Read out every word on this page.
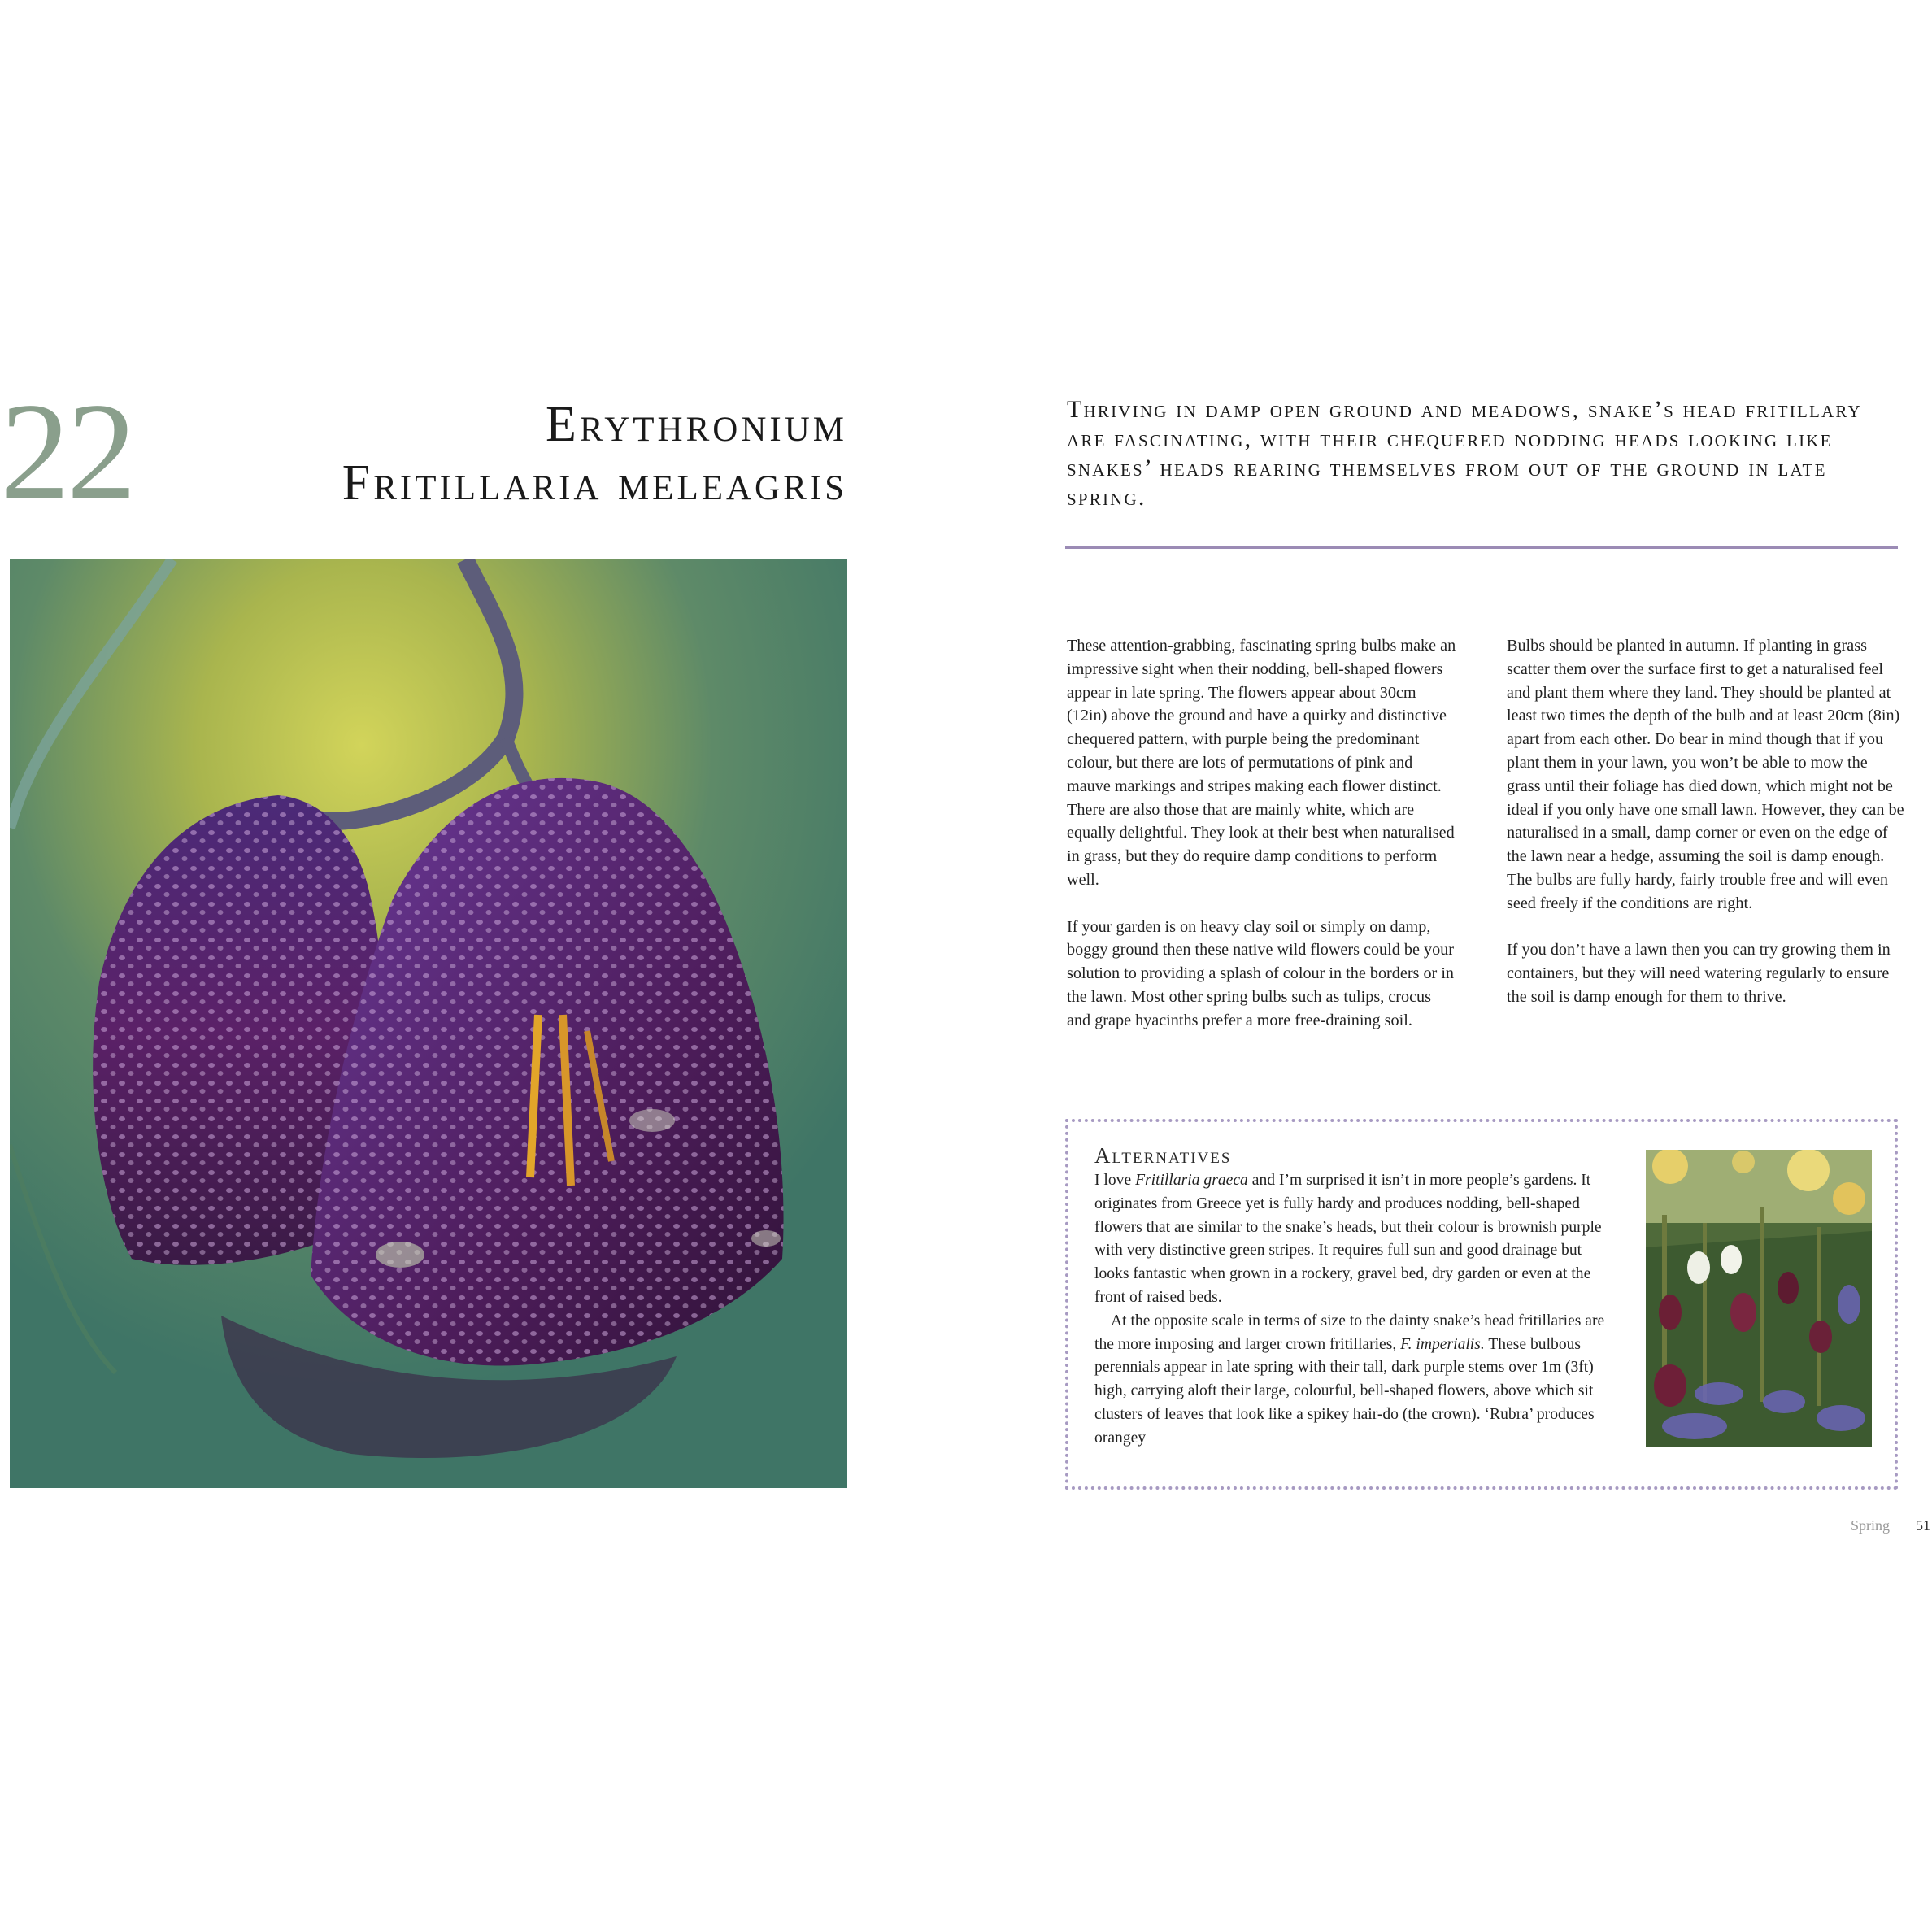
22	Erythronium
Fritillaria meleagris
Thriving in damp open ground and meadows, snake’s head fritillary are fascinating, with their chequered nodding heads looking like snakes’ heads rearing themselves from out of the ground in late spring.

These attention-grabbing, fascinating spring bulbs make an impressive sight when their nodding, bell-shaped flowers appear in late spring. The flowers appear about 30cm (12in) above the ground and have a quirky and distinctive chequered pattern, with purple being the predominant colour, but there are lots of permutations of pink and mauve markings and stripes making each flower distinct. There are also those that are mainly white, which are equally delightful. They look at their best when naturalised in grass, but they do require damp conditions to perform well.

If your garden is on heavy clay soil or simply on damp, boggy ground then these native wild flowers could be your solution to providing a splash of colour in the borders or in the lawn. Most other spring bulbs such as tulips, crocus and grape hyacinths prefer a more free-draining soil.

Bulbs should be planted in autumn. If planting in grass scatter them over the surface first to get a naturalised feel and plant them where they land. They should be planted at least two times the depth of the bulb and at least 20cm (8in) apart from each other. Do bear in mind though that if you plant them in your lawn, you won’t be able to mow the grass until their foliage has died down, which might not be ideal if you only have one small lawn. However, they can be naturalised in a small, damp corner or even on the edge of the lawn near a hedge, assuming the soil is damp enough. The bulbs are fully hardy, fairly trouble free and will even seed freely if the conditions are right.

If you don’t have a lawn then you can try growing them in containers, but they will need watering regularly to ensure the soil is damp enough for them to thrive.

Alternatives

I love Fritillaria graeca and I’m surprised it isn’t in more people’s gardens. It originates from Greece yet is fully hardy and produces nodding, bell-shaped flowers that are similar to the snake’s heads, but their colour is brownish purple with very distinctive green stripes. It requires full sun and good drainage but looks fantastic when grown in a rockery, gravel bed, dry garden or even at the front of raised beds.

At the opposite scale in terms of size to the dainty snake’s head fritillaries are the more imposing and larger crown fritillaries, F. imperialis. These bulbous perennials appear in late spring with their tall, dark purple stems over 1m (3ft) high, carrying aloft their large, colourful, bell-shaped flowers, above which sit clusters of leaves that look like a spikey hair-do (the crown). ‘Rubra’ produces orangey

Spring 51
